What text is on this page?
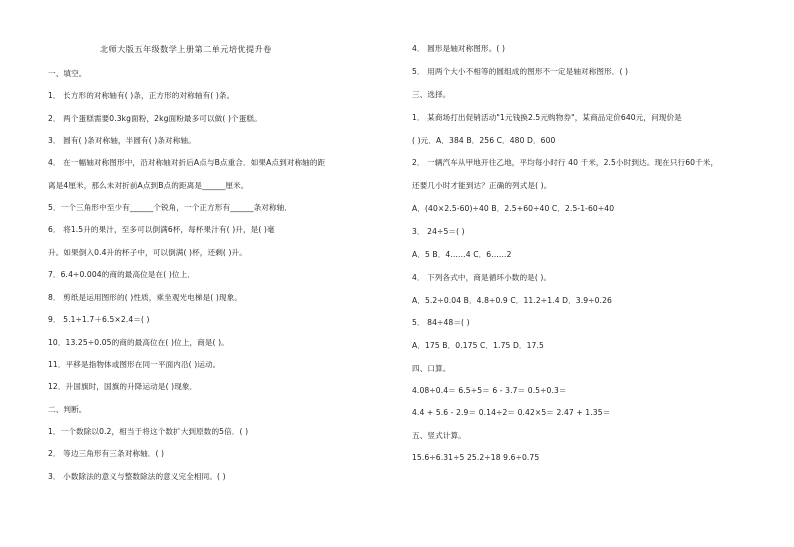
北师大版五年级数学上册第二单元培优提升卷
一、填空。
1． 长方形的对称轴有( )条，正方形的对称轴有( )条。
2． 两个蛋糕需要0.3kg面粉，2kg面粉最多可以做( )个蛋糕。
3． 圆有( )条对称轴，半圆有( )条对称轴。
4． 在一幅轴对称图形中，沿对称轴对折后A点与B点重合．如果A点到对称轴的距
离是4厘米，那么未对折前A点到B点的距离是______厘米。
5．一个三角形中至少有______个锐角，一个正方形有______条对称轴．
6． 将1.5升的果汁，至多可以倒满6杯，每杯果汁有( )升，是( )毫
升。如果倒入0.4升的杯子中，可以倒满( )杯，还剩( )升。
7．6.4÷0.004的商的最高位是在( )位上．
8． 剪纸是运用图形的( )性质，乘坐观光电梯是( )现象。
9． 5.1÷1.7＋6.5×2.4＝( )
10．13.25÷0.05的商的最高位在( )位上，商是( )。
11．平移是指物体或图形在同一平面内沿( )运动。
12．升国旗时，国旗的升降运动是( )现象．
二、判断。
1．一个数除以0.2，相当于将这个数扩大到原数的5倍．( )
2． 等边三角形有三条对称轴．( )
3． 小数除法的意义与整数除法的意义完全相同。( )
4． 圆形是轴对称图形。( )
5． 用两个大小不相等的圆组成的图形不一定是轴对称图形．( )
三、选择。
1． 某商场打出促销活动"1元钱换2.5元购物券"，某商品定价640元，问现价是
( )元．A．384 B．256 C．480 D．600
2． 一辆汽车从甲地开往乙地，平均每小时行 40 千米，2.5小时到达。现在只行60千米，
还要几小时才能到达？正确的列式是( )。
A．(40×2.5-60)÷40 B．2.5+60÷40 C．2.5-1-60÷40
3． 24÷5＝( )
A．5 B．4……4 C．6……2
4． 下列各式中，商是循环小数的是( )。
A．5.2÷0.04 B．4.8÷0.9 C．11.2÷1.4 D．3.9÷0.26
5． 84÷48＝( )
A．175 B．0.175 C．1.75 D．17.5
四、口算。
4.08÷0.4＝ 6.5÷5＝ 6 - 3.7＝ 0.5÷0.3＝
4.4 + 5.6 - 2.9＝ 0.14÷2＝ 0.42×5＝ 2.47 + 1.35＝
五、竖式计算。
15.6÷6.31÷5 25.2÷18 9.6÷0.75
